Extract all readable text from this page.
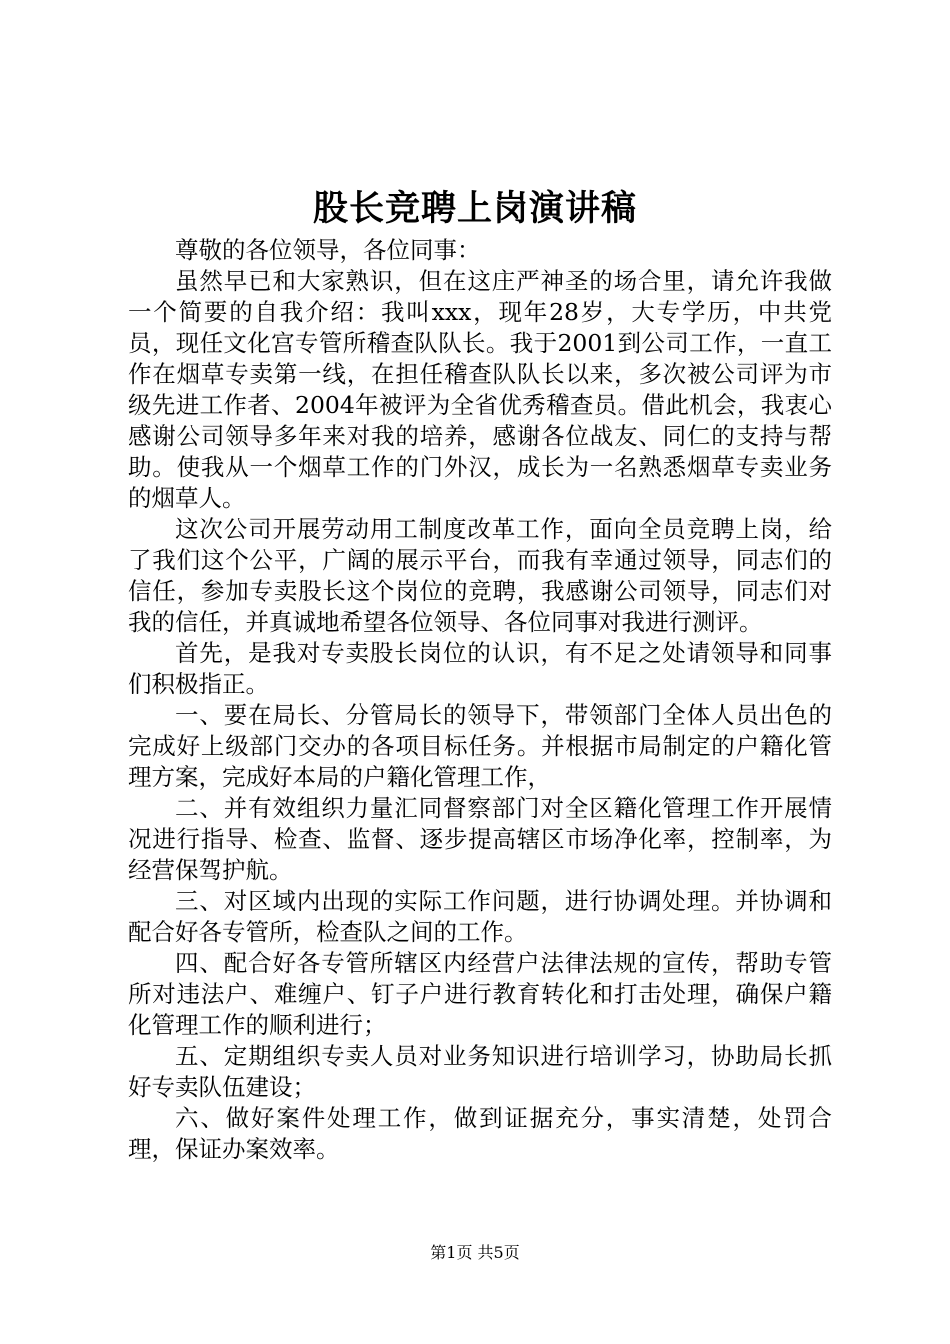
股长竞聘上岗演讲稿

尊敬的各位领导，各位同事：

虽然早已和大家熟识，但在这庄严神圣的场合里，请允许我做一个简要的自我介绍：我叫xxx，现年28岁，大专学历，中共党员，现任文化宫专管所稽查队队长。我于2001到公司工作，一直工作在烟草专卖第一线，在担任稽查队队长以来，多次被公司评为市级先进工作者、2004年被评为全省优秀稽查员。借此机会，我衷心感谢公司领导多年来对我的培养，感谢各位战友、同仁的支持与帮助。使我从一个烟草工作的门外汉，成长为一名熟悉烟草专卖业务的烟草人。

这次公司开展劳动用工制度改革工作，面向全员竞聘上岗，给了我们这个公平，广阔的展示平台，而我有幸通过领导，同志们的信任，参加专卖股长这个岗位的竞聘，我感谢公司领导，同志们对我的信任，并真诚地希望各位领导、各位同事对我进行测评。

首先，是我对专卖股长岗位的认识，有不足之处请领导和同事们积极指正。

一、要在局长、分管局长的领导下，带领部门全体人员出色的完成好上级部门交办的各项目标任务。并根据市局制定的户籍化管理方案，完成好本局的户籍化管理工作，

二、并有效组织力量汇同督察部门对全区籍化管理工作开展情况进行指导、检查、监督、逐步提高辖区市场净化率，控制率，为经营保驾护航。

三、对区域内出现的实际工作问题，进行协调处理。并协调和配合好各专管所，检查队之间的工作。

四、配合好各专管所辖区内经营户法律法规的宣传，帮助专管所对违法户、难缠户、钉子户进行教育转化和打击处理，确保户籍化管理工作的顺利进行；

五、定期组织专卖人员对业务知识进行培训学习，协助局长抓好专卖队伍建设；

六、做好案件处理工作，做到证据充分，事实清楚，处罚合理，保证办案效率。

第1页 共5页
